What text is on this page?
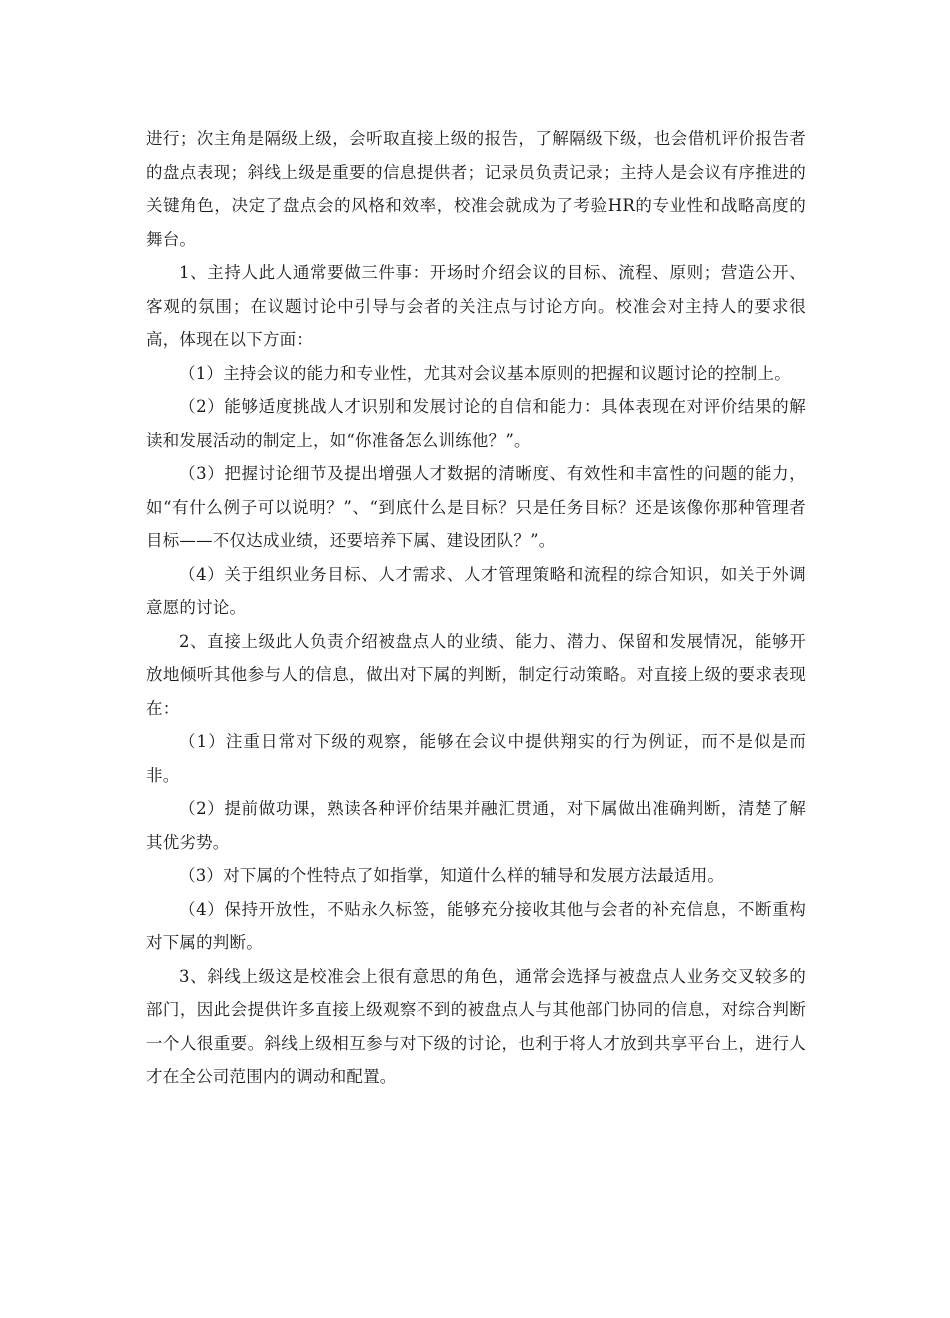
进行；次主角是隔级上级，会听取直接上级的报告，了解隔级下级，也会借机评价报告者的盘点表现；斜线上级是重要的信息提供者；记录员负责记录；主持人是会议有序推进的关键角色，决定了盘点会的风格和效率，校准会就成为了考验HR的专业性和战略高度的舞台。

1、主持人此人通常要做三件事：开场时介绍会议的目标、流程、原则；营造公开、客观的氛围；在议题讨论中引导与会者的关注点与讨论方向。校准会对主持人的要求很高，体现在以下方面：

（1）主持会议的能力和专业性，尤其对会议基本原则的把握和议题讨论的控制上。

（2）能够适度挑战人才识别和发展讨论的自信和能力：具体表现在对评价结果的解读和发展活动的制定上，如“你准备怎么训练他？”。

（3）把握讨论细节及提出增强人才数据的清晰度、有效性和丰富性的问题的能力，如“有什么例子可以说明？”、“到底什么是目标？只是任务目标？还是该像你那种管理者目标——不仅达成业绩，还要培养下属、建设团队？”。

（4）关于组织业务目标、人才需求、人才管理策略和流程的综合知识，如关于外调意愿的讨论。

2、直接上级此人负责介绍被盘点人的业绩、能力、潜力、保留和发展情况，能够开放地倾听其他参与人的信息，做出对下属的判断，制定行动策略。对直接上级的要求表现在：

（1）注重日常对下级的观察，能够在会议中提供翔实的行为例证，而不是似是而非。

（2）提前做功课，熟读各种评价结果并融汇贯通，对下属做出准确判断，清楚了解其优劣势。

（3）对下属的个性特点了如指掌，知道什么样的辅导和发展方法最适用。

（4）保持开放性，不贴永久标签，能够充分接收其他与会者的补充信息，不断重构对下属的判断。

3、斜线上级这是校准会上很有意思的角色，通常会选择与被盘点人业务交叉较多的部门，因此会提供许多直接上级观察不到的被盘点人与其他部门协同的信息，对综合判断一个人很重要。斜线上级相互参与对下级的讨论，也利于将人才放到共享平台上，进行人才在全公司范围内的调动和配置。
